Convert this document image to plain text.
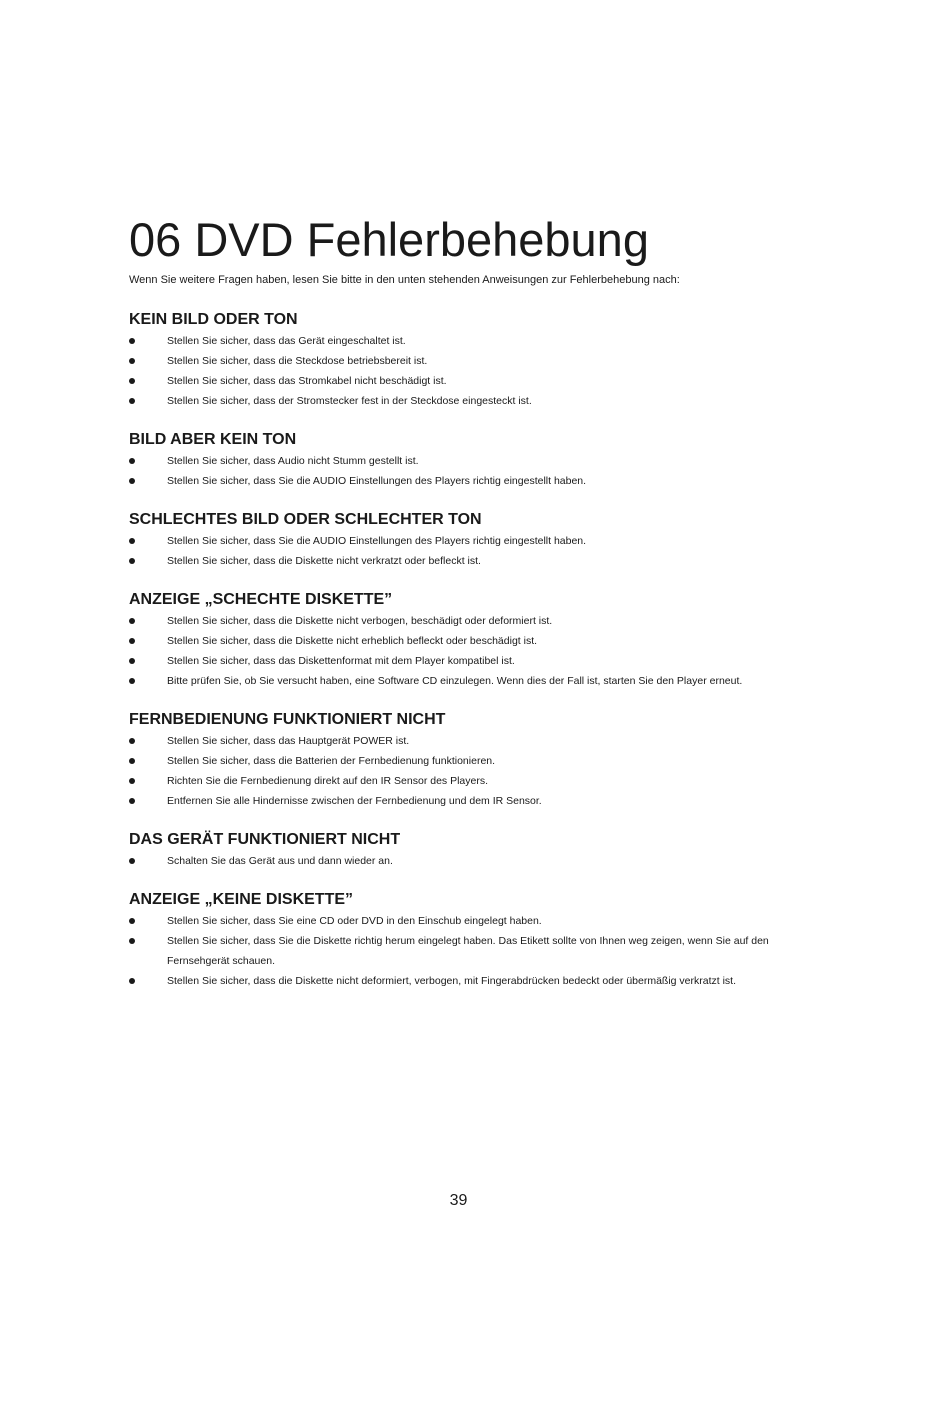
06 DVD Fehlerbehebung

Wenn Sie weitere Fragen haben, lesen Sie bitte in den unten stehenden Anweisungen zur Fehlerbehebung nach:

KEIN BILD ODER TON
Stellen Sie sicher, dass das Gerät eingeschaltet ist.
Stellen Sie sicher, dass die Steckdose betriebsbereit ist.
Stellen Sie sicher, dass das Stromkabel nicht beschädigt ist.
Stellen Sie sicher, dass der Stromstecker fest in der Steckdose eingesteckt ist.
BILD ABER KEIN TON
Stellen Sie sicher, dass Audio nicht Stumm gestellt ist.
Stellen Sie sicher, dass Sie die AUDIO Einstellungen des Players richtig eingestellt haben.
SCHLECHTES BILD ODER SCHLECHTER TON
Stellen Sie sicher, dass Sie die AUDIO Einstellungen des Players richtig eingestellt haben.
Stellen Sie sicher, dass die Diskette nicht verkratzt oder befleckt ist.
ANZEIGE „SCHECHTE DISKETTE”
Stellen Sie sicher, dass die Diskette nicht verbogen, beschädigt oder deformiert ist.
Stellen Sie sicher, dass die Diskette nicht erheblich befleckt oder beschädigt ist.
Stellen Sie sicher, dass das Diskettenformat mit dem Player kompatibel ist.
Bitte prüfen Sie, ob Sie versucht haben, eine Software CD einzulegen. Wenn dies der Fall ist, starten Sie den Player erneut.
FERNBEDIENUNG FUNKTIONIERT NICHT
Stellen Sie sicher, dass das Hauptgerät POWER ist.
Stellen Sie sicher, dass die Batterien der Fernbedienung funktionieren.
Richten Sie die Fernbedienung direkt auf den IR Sensor des Players.
Entfernen Sie alle Hindernisse zwischen der Fernbedienung und dem IR Sensor.
DAS GERÄT FUNKTIONIERT NICHT
Schalten Sie das Gerät aus und dann wieder an.
ANZEIGE „KEINE DISKETTE”
Stellen Sie sicher, dass Sie eine CD oder DVD in den Einschub eingelegt haben.
Stellen Sie sicher, dass Sie die Diskette richtig herum eingelegt haben. Das Etikett sollte von Ihnen weg zeigen, wenn Sie auf den Fernsehgerät schauen.
Stellen Sie sicher, dass die Diskette nicht deformiert, verbogen, mit Fingerabdrücken bedeckt oder übermäßig verkratzt ist.
39
